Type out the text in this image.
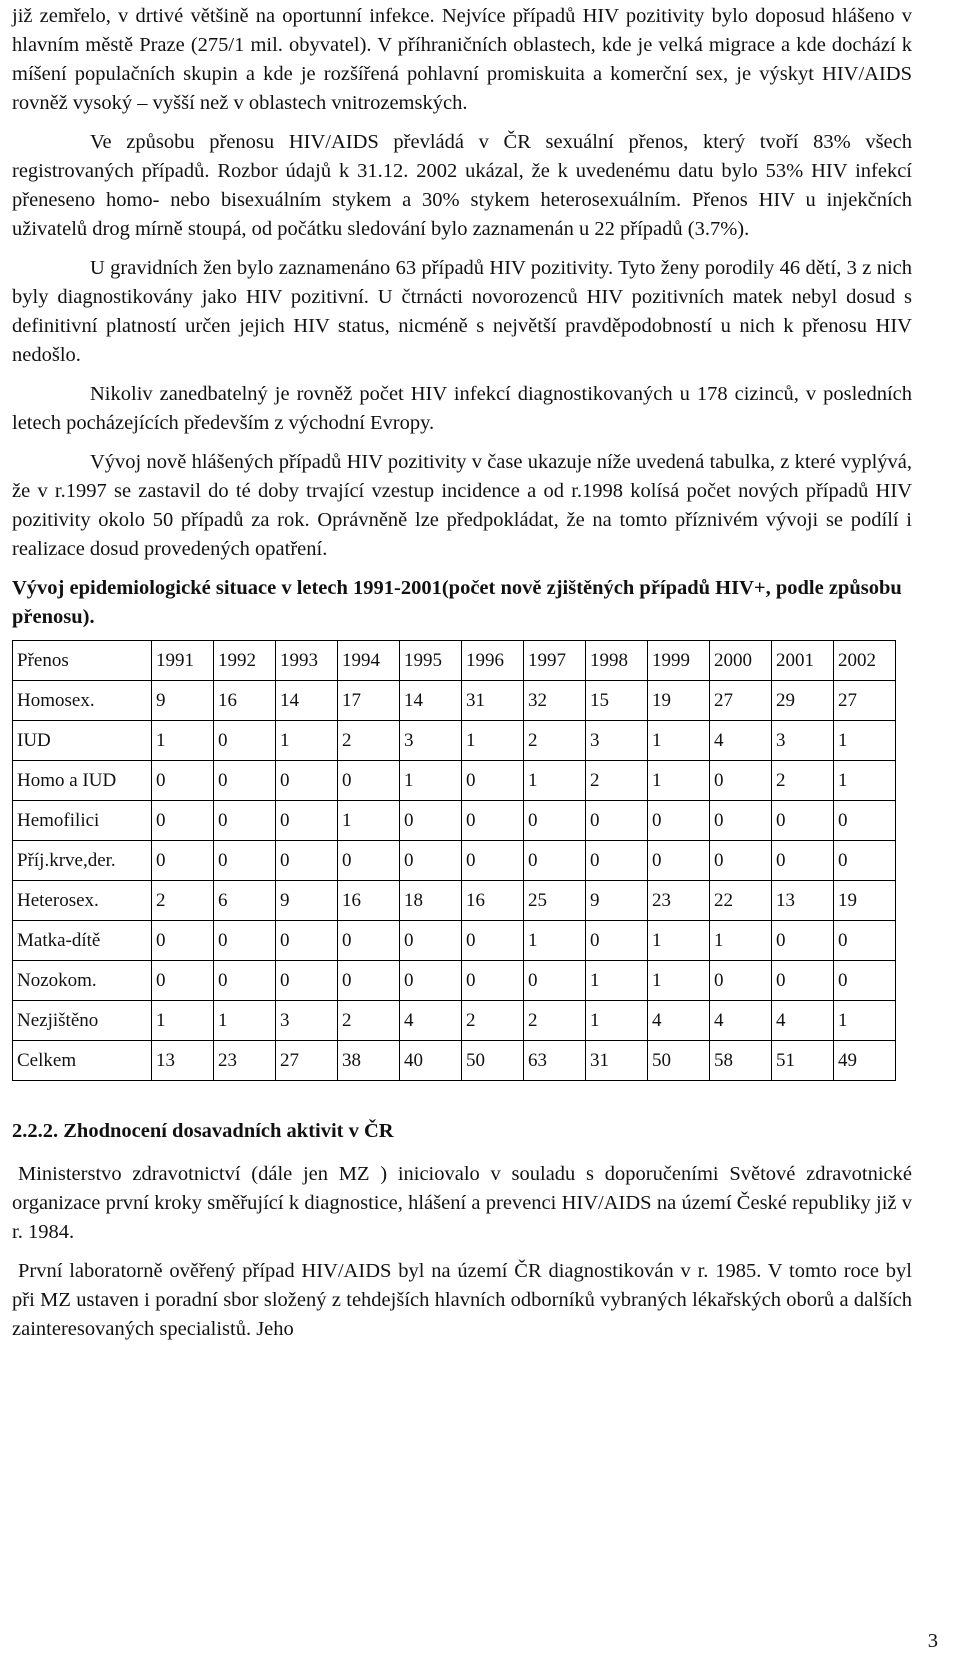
již zemřelo, v drtivé většině na oportunní infekce. Nejvíce případů HIV pozitivity bylo doposud hlášeno v hlavním městě Praze (275/1 mil. obyvatel). V příhraničních oblastech, kde je velká migrace a kde dochází k míšení populačních skupin a kde je rozšířená pohlavní promiskuita a komerční sex, je výskyt HIV/AIDS rovněž vysoký – vyšší než v oblastech vnitrozemských.

Ve způsobu přenosu HIV/AIDS převládá v ČR sexuální přenos, který tvoří 83% všech registrovaných případů. Rozbor údajů k 31.12. 2002 ukázal, že k uvedenému datu bylo 53% HIV infekcí přeneseno homo- nebo bisexuálním stykem a 30% stykem heterosexuálním. Přenos HIV u injekčních uživatelů drog mírně stoupá, od počátku sledování bylo zaznamenán u 22 případů (3.7%).

U gravidních žen bylo zaznamenáno 63 případů HIV pozitivity. Tyto ženy porodily 46 dětí, 3 z nich byly diagnostikovány jako HIV pozitivní. U čtrnácti novorozenců HIV pozitivních matek nebyl dosud s definitivní platností určen jejich HIV status, nicméně s největší pravděpodobností u nich k přenosu HIV nedošlo.

Nikoliv zanedbatelný je rovněž počet HIV infekcí diagnostikovaných u 178 cizinců, v posledních letech pocházejících především z východní Evropy.

Vývoj nově hlášených případů HIV pozitivity v čase ukazuje níže uvedená tabulka, z které vyplývá, že v r.1997 se zastavil do té doby trvající vzestup incidence a od r.1998 kolísá počet nových případů HIV pozitivity okolo 50 případů za rok. Oprávněně lze předpokládat, že na tomto příznivém vývoji se podílí i realizace dosud provedených opatření.

Vývoj epidemiologické situace v letech 1991-2001(počet nově zjištěných případů HIV+, podle způsobu přenosu).
Přenos	1991	1992	1993	1994	1995	1996	1997	1998	1999	2000	2001	2002
Homosex.	9	16	14	17	14	31	32	15	19	27	29	27
IUD	1	0	1	2	3	1	2	3	1	4	3	1
Homo a IUD	0	0	0	0	1	0	1	2	1	0	2	1
Hemofilici	0	0	0	1	0	0	0	0	0	0	0	0
Příj.krve,der.	0	0	0	0	0	0	0	0	0	0	0	0
Heterosex.	2	6	9	16	18	16	25	9	23	22	13	19
Matka-dítě	0	0	0	0	0	0	1	0	1	1	0	0
Nozokom.	0	0	0	0	0	0	0	1	1	0	0	0
Nezjištěno	1	1	3	2	4	2	2	1	4	4	4	1
Celkem	13	23	27	38	40	50	63	31	50	58	51	49
2.2.2. Zhodnocení dosavadních aktivit v ČR

Ministerstvo zdravotnictví (dále jen MZ ) iniciovalo v souladu s doporučeními Světové zdravotnické organizace první kroky směřující k diagnostice, hlášení a prevenci HIV/AIDS na území České republiky již v r. 1984.

První laboratorně ověřený případ HIV/AIDS byl na území ČR diagnostikován v r. 1985. V tomto roce byl při MZ ustaven i poradní sbor složený z tehdejších hlavních odborníků vybraných lékařských oborů a dalších zainteresovaných specialistů. Jeho

3
